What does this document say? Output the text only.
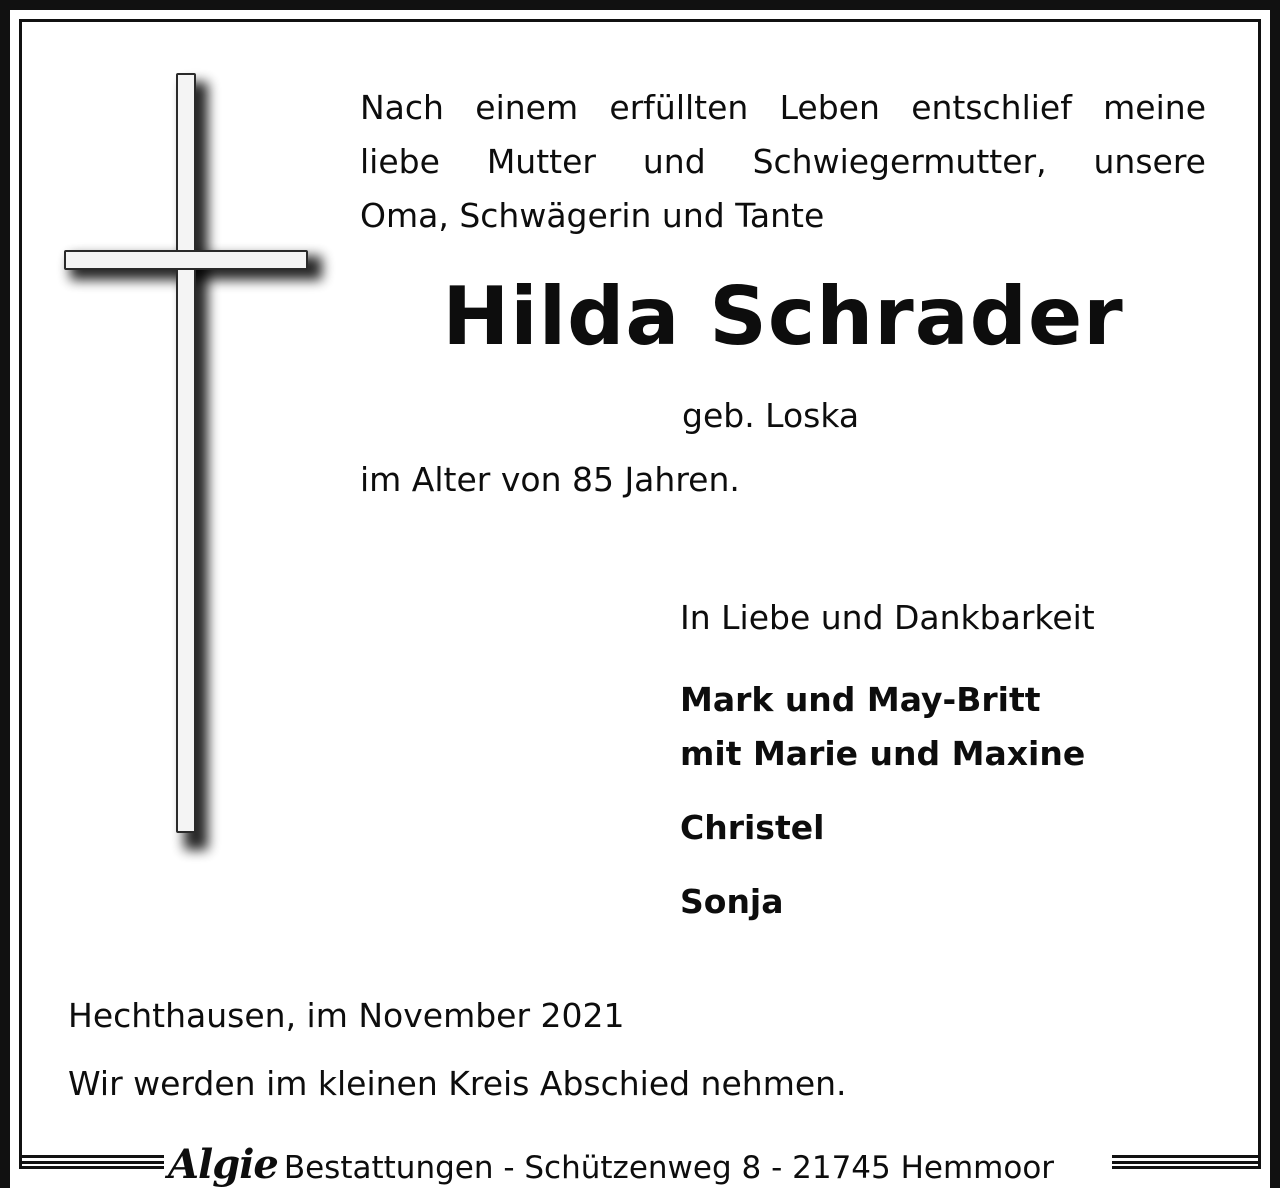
Nach einem erfüllten Leben entschlief meine
liebe Mutter und Schwiegermutter, unsere
Oma, Schwägerin und Tante
Hilda Schrader
geb. Loska
im Alter von 85 Jahren.
In Liebe und Dankbarkeit
Mark und May-Britt
mit Marie und Maxine
Christel
Sonja
Hechthausen, im November 2021
Wir werden im kleinen Kreis Abschied nehmen.
Algie Bestattungen - Schützenweg 8 - 21745 Hemmoor
